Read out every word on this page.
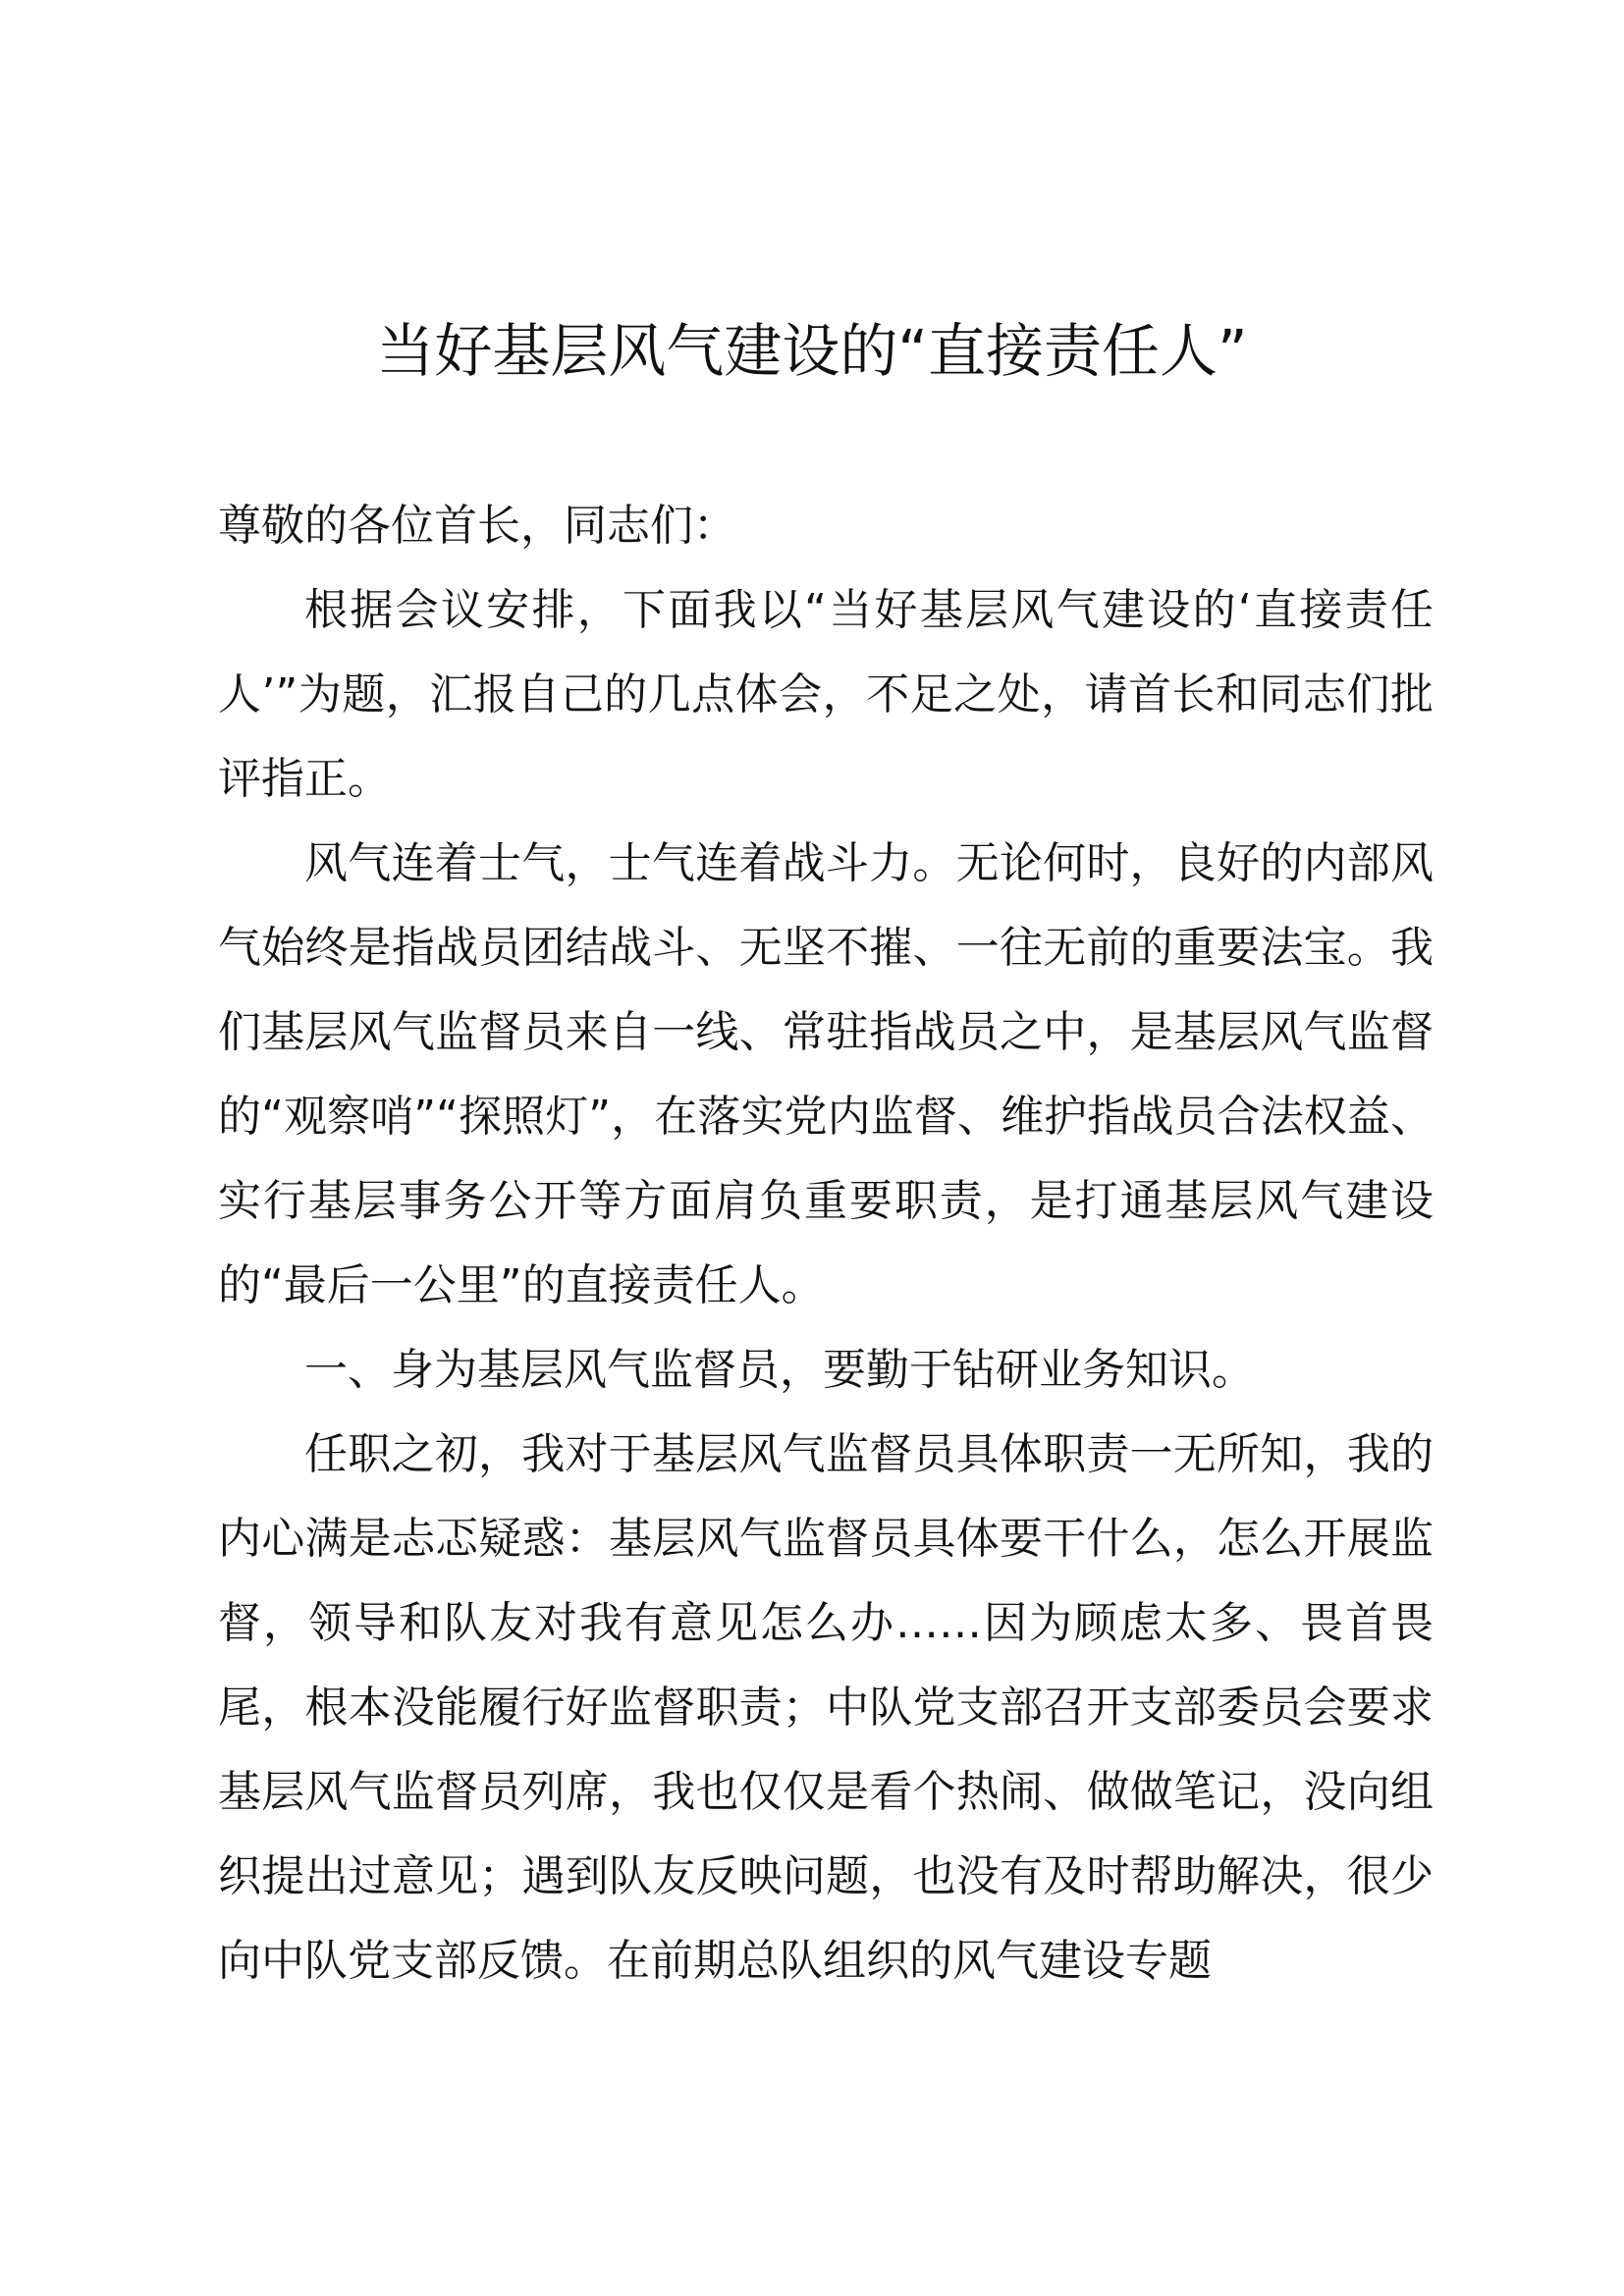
当好基层风气建设的“直接责任人”

尊敬的各位首长，同志们：

根据会议安排，下面我以“当好基层风气建设的‘直接责任人’”为题，汇报自己的几点体会，不足之处，请首长和同志们批评指正。

风气连着士气，士气连着战斗力。无论何时，良好的内部风气始终是指战员团结战斗、无坚不摧、一往无前的重要法宝。我们基层风气监督员来自一线、常驻指战员之中，是基层风气监督的“观察哨”“探照灯”，在落实党内监督、维护指战员合法权益、实行基层事务公开等方面肩负重要职责，是打通基层风气建设的“最后一公里”的直接责任人。

一、身为基层风气监督员，要勤于钻研业务知识。

任职之初，我对于基层风气监督员具体职责一无所知，我的内心满是忐忑疑惑：基层风气监督员具体要干什么，怎么开展监督，领导和队友对我有意见怎么办……因为顾虑太多、畏首畏尾，根本没能履行好监督职责；中队党支部召开支部委员会要求基层风气监督员列席，我也仅仅是看个热闹、做做笔记，没向组织提出过意见；遇到队友反映问题，也没有及时帮助解决，很少向中队党支部反馈。在前期总队组织的风气建设专题
